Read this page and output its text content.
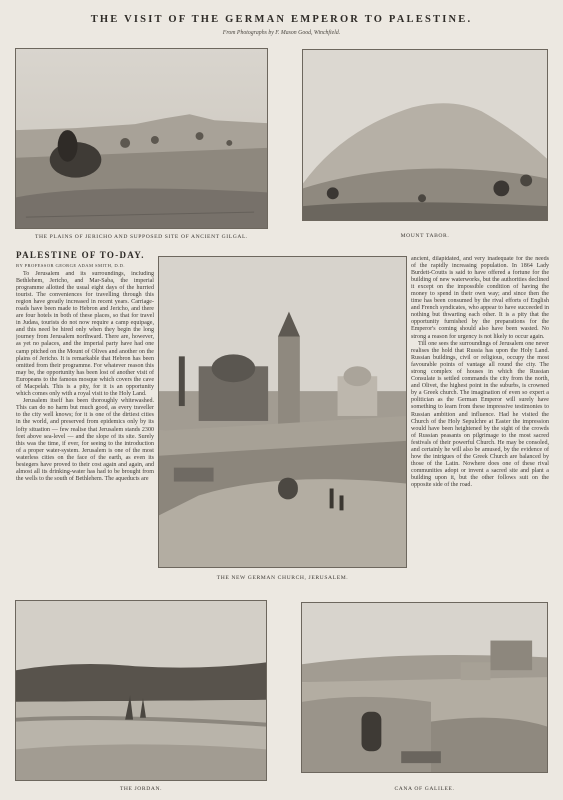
THE VISIT OF THE GERMAN EMPEROR TO PALESTINE.
From Photographs by F. Mason Good, Winchfield.
THE PLAINS OF JERICHO AND SUPPOSED SITE OF ANCIENT GILGAL.	MOUNT TABOR.
PALESTINE OF TO-DAY.
BY PROFESSOR GEORGE ADAM SMITH, D.D.

To Jerusalem and its surroundings, including Bethlehem, Jericho, and Mar-Saba, the imperial programme allotted the usual eight days of the hurried tourist. The conveniences for travelling through this region have greatly increased in recent years. Carriage-roads have been made to Hebron and Jericho, and there are four hotels in both of these places, so that for travel in Judæa, tourists do not now require a camp equipage, and this need be hired only when they begin the long journey from Jerusalem northward. There are, however, as yet no palaces, and the imperial party have had one camp pitched on the Mount of Olives and another on the plains of Jericho. It is remarkable that Hebron has been omitted from their programme. For whatever reason this may be, the opportunity has been lost of another visit of Europeans to the famous mosque which covers the cave of Macpelah. This is a pity, for it is an opportunity which comes only with a royal visit to the Holy Land.

Jerusalem itself has been thoroughly whitewashed. This can do no harm but much good, as every traveller to the city well knows; for it is one of the dirtiest cities in the world, and preserved from epidemics only by its lofty situation — few realise that Jerusalem stands 2300 feet above sea-level — and the slope of its site. Surely this was the time, if ever, for seeing to the introduction of a proper water-system. Jerusalem is one of the most waterless cities on the face of the earth, as even its besiegers have proved to their cost again and again, and almost all its drinking-water has had to be brought from the wells to the south of Bethlehem. The aqueducts are

THE NEW GERMAN CHURCH, JERUSALEM.

ancient, dilapidated, and very inadequate for the needs of the rapidly increasing population. In 1864 Lady Burdett-Coutts is said to have offered a fortune for the building of new waterworks, but the authorities declined it except on the impossible condition of having the money to spend in their own way; and since then the time has been consumed by the rival efforts of English and French syndicates, who appear to have succeeded in nothing but thwarting each other. It is a pity that the opportunity furnished by the preparations for the Emperor's coming should also have been wasted. No strong a reason for urgency is not likely to occur again.

Till one sees the surroundings of Jerusalem one never realises the hold that Russia has upon the Holy Land. Russian buildings, civil or religious, occupy the most favourable points of vantage all round the city. The strong complex of houses in which the Russian Consulate is settled commands the city from the north, and Olivet, the highest point in the suburbs, is crowned by a Greek church. The imagination of even so expert a politician as the German Emperor will surely have something to learn from these impressive testimonies to Russian ambition and influence. Had he visited the Church of the Holy Sepulchre at Easter the impression would have been heightened by the sight of the crowds of Russian peasants on pilgrimage to the most sacred festivals of their powerful Church. He may be consoled, and certainly he will also be amused, by the evidence of how the intrigues of the Greek Church are balanced by those of the Latin. Nowhere does one of these rival communities adopt or invent a sacred site and plant a building upon it, but the other follows suit on the opposite side of the road.

THE JORDAN.	CANA OF GALILEE.
